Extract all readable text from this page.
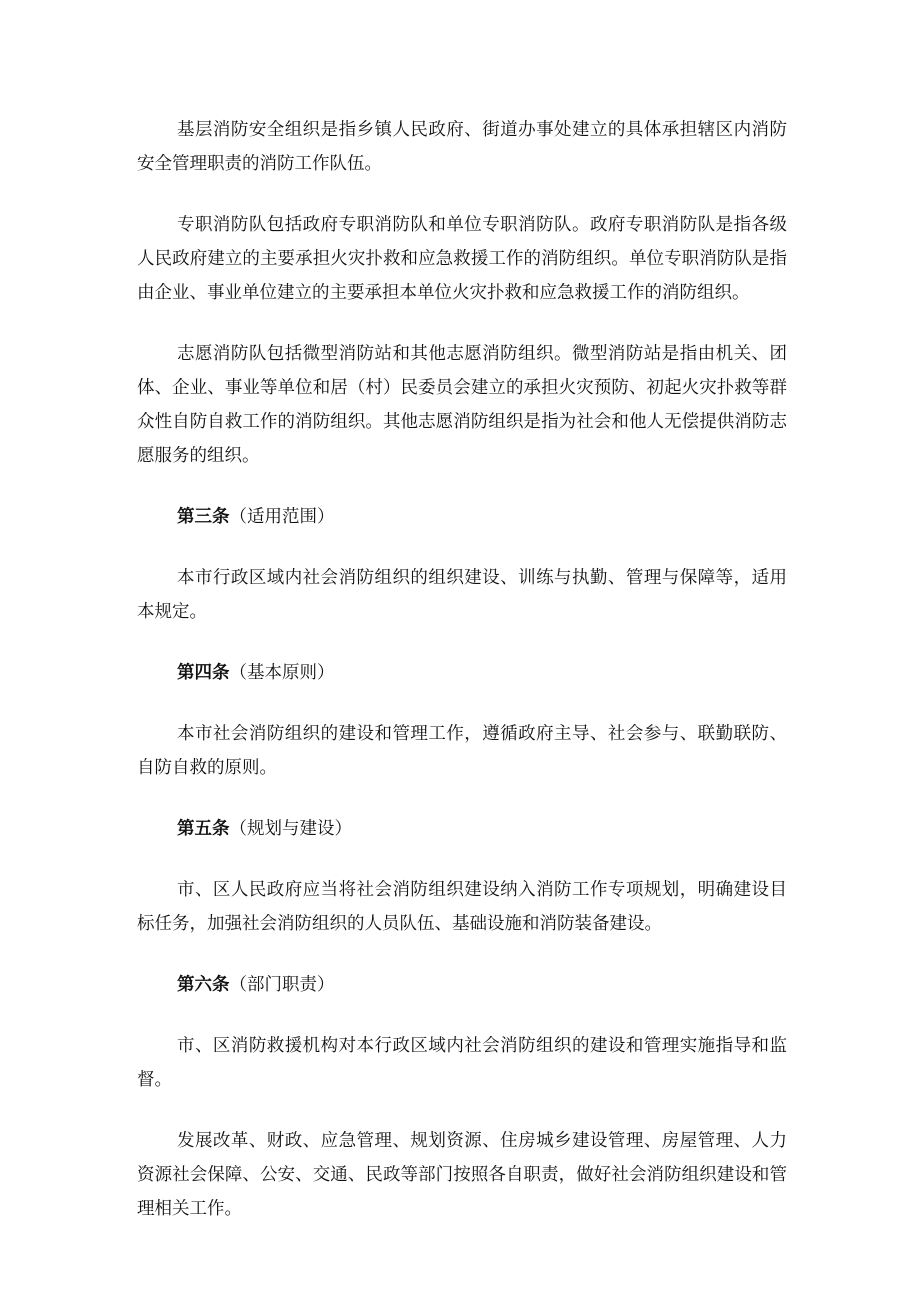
基层消防安全组织是指乡镇人民政府、街道办事处建立的具体承担辖区内消防安全管理职责的消防工作队伍。

专职消防队包括政府专职消防队和单位专职消防队。政府专职消防队是指各级人民政府建立的主要承担火灾扑救和应急救援工作的消防组织。单位专职消防队是指由企业、事业单位建立的主要承担本单位火灾扑救和应急救援工作的消防组织。

志愿消防队包括微型消防站和其他志愿消防组织。微型消防站是指由机关、团体、企业、事业等单位和居（村）民委员会建立的承担火灾预防、初起火灾扑救等群众性自防自救工作的消防组织。其他志愿消防组织是指为社会和他人无偿提供消防志愿服务的组织。

第三条（适用范围）

本市行政区域内社会消防组织的组织建设、训练与执勤、管理与保障等，适用本规定。

第四条（基本原则）

本市社会消防组织的建设和管理工作，遵循政府主导、社会参与、联勤联防、自防自救的原则。

第五条（规划与建设）

市、区人民政府应当将社会消防组织建设纳入消防工作专项规划，明确建设目标任务，加强社会消防组织的人员队伍、基础设施和消防装备建设。

第六条（部门职责）

市、区消防救援机构对本行政区域内社会消防组织的建设和管理实施指导和监督。

发展改革、财政、应急管理、规划资源、住房城乡建设管理、房屋管理、人力资源社会保障、公安、交通、民政等部门按照各自职责，做好社会消防组织建设和管理相关工作。
